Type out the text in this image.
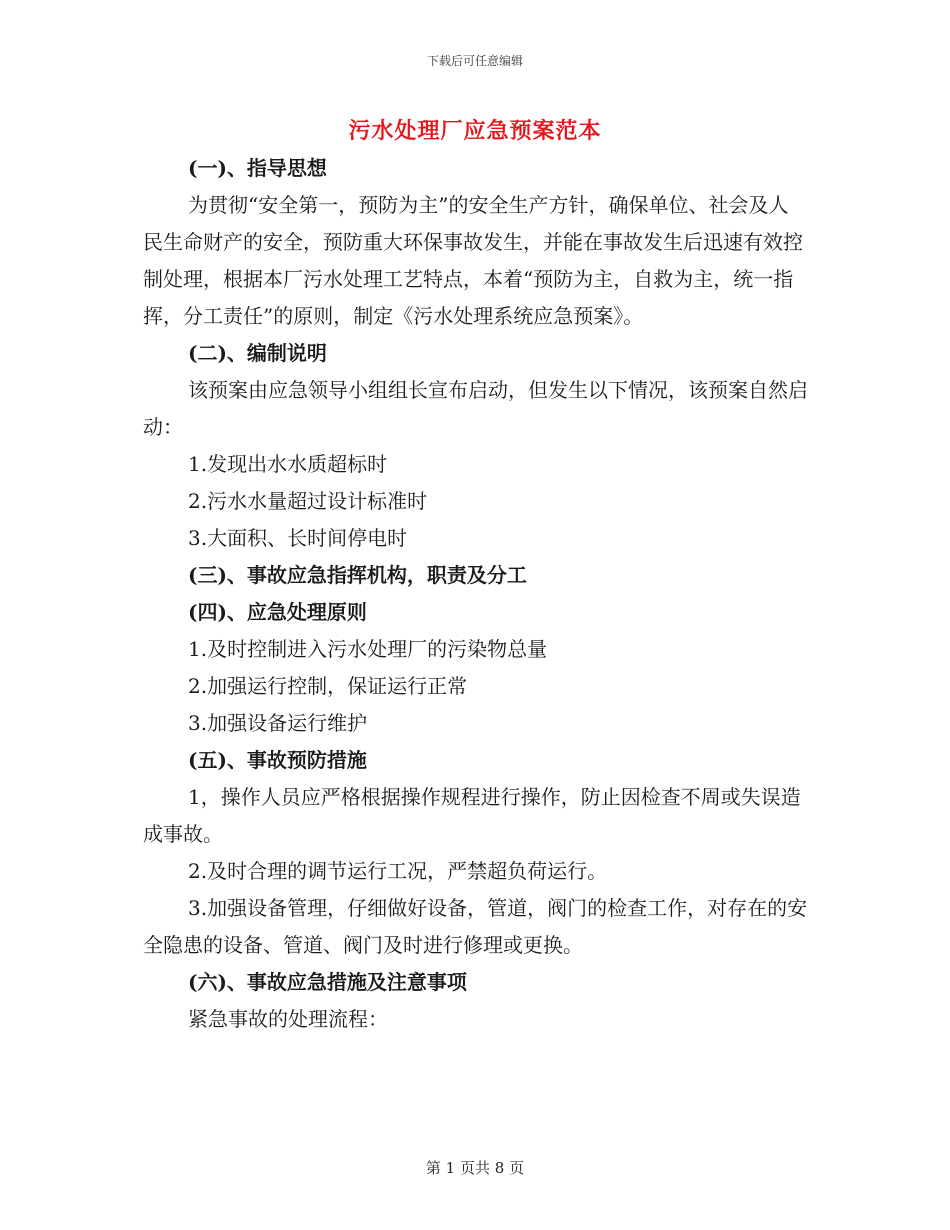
下载后可任意编辑
污水处理厂应急预案范本

(一)、指导思想

为贯彻“安全第一，预防为主”的安全生产方针，确保单位、社会及人民生命财产的安全，预防重大环保事故发生，并能在事故发生后迅速有效控制处理，根据本厂污水处理工艺特点，本着“预防为主，自救为主，统一指挥，分工责任”的原则，制定《污水处理系统应急预案》。

(二)、编制说明

该预案由应急领导小组组长宣布启动，但发生以下情况，该预案自然启动：

1.发现出水水质超标时

2.污水水量超过设计标准时

3.大面积、长时间停电时

(三)、事故应急指挥机构，职责及分工

(四)、应急处理原则

1.及时控制进入污水处理厂的污染物总量

2.加强运行控制，保证运行正常

3.加强设备运行维护

(五)、事故预防措施

1，操作人员应严格根据操作规程进行操作，防止因检查不周或失误造成事故。

2.及时合理的调节运行工况，严禁超负荷运行。

3.加强设备管理，仔细做好设备，管道，阀门的检查工作，对存在的安全隐患的设备、管道、阀门及时进行修理或更换。

(六)、事故应急措施及注意事项

紧急事故的处理流程：

第 1 页共 8 页
